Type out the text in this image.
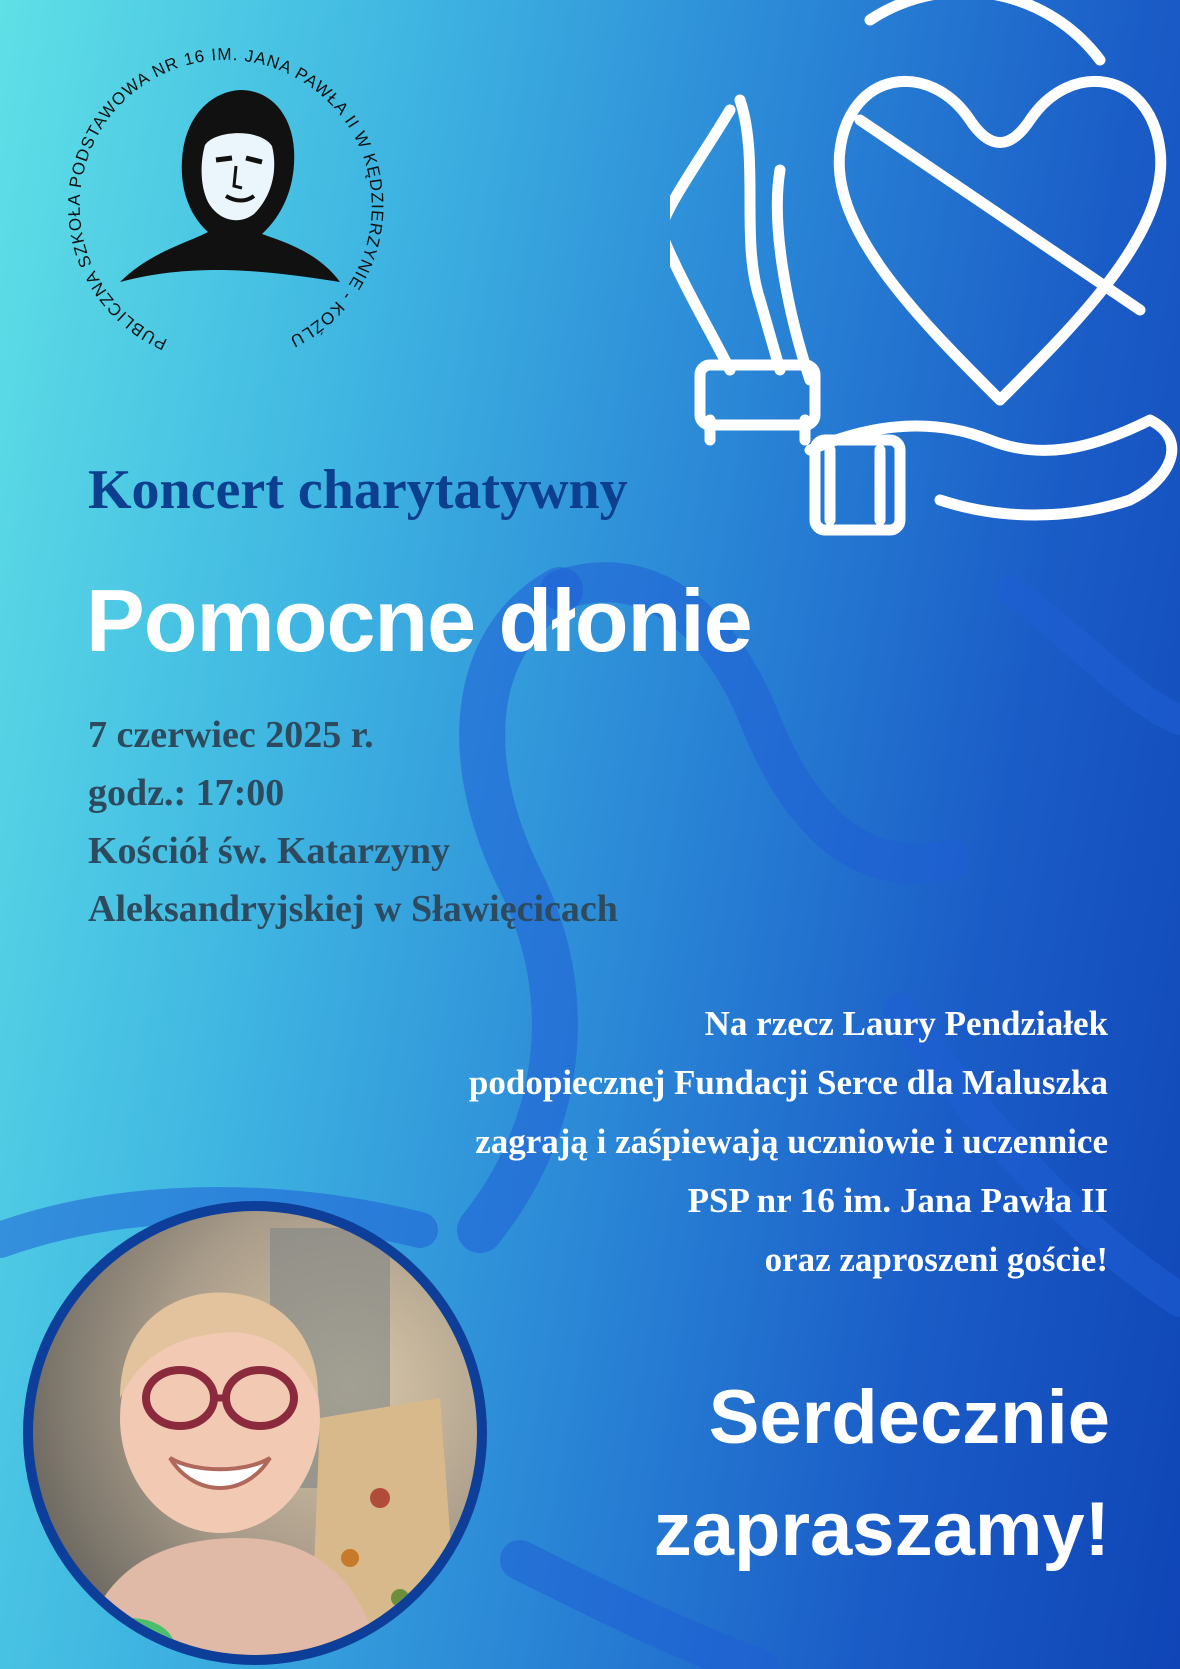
PUBLICZNA SZKOŁA PODSTAWOWA NR 16 IM. JANA PAWŁA II W KĘDZIERZYNIE - KOŹLU
Koncert charytatywny
Pomocne dłonie
7 czerwiec 2025 r.
godz.: 17:00
Kościół św. Katarzyny
Aleksandryjskiej w Sławięcicach
Na rzecz Laury Pendziałek
podopiecznej Fundacji Serce dla Maluszka
zagrają i zaśpiewają uczniowie i uczennice
PSP nr 16 im. Jana Pawła II
oraz zaproszeni goście!
Serdecznie
zapraszamy!
